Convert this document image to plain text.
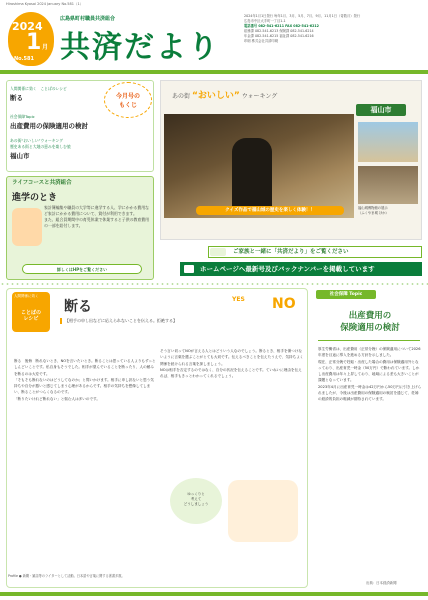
Hiroshima Kyosai 2024 January No.581（1）
2024
1 月
No.581
広島県町村職員共済組合
共済だより
2024年1月1日発行 毎年1月、3月、5月、7月、9月、11月1日（奇数月）発行
広島市中区大手町一丁目1-1
電話番号 082-541-6211 FAX 082-541-6212
総務課 082-541-6213 保険課 082-541-6214
年金課 082-541-6215 福祉課 082-541-6216
印刷 株式会社共済印刷
今月号の
もくじ
人間関係に効く　ことばのレシピ
断る
社会保障Topic
出産費用の保険適用の検討
あの街“おいしい”ウォーキング
歴史ある街と大地の恵みを楽しむ旅
福山市
ライフコースと共済組合
進学のとき
家計簿編集や職員の大学等に進学する人、学にかかる費用など家計にかかる費用について、貸付が利用できます。
また、組合員期間中の育児休業で休業すると子供の教育費用の一部を給付します。
詳しくはHPをご覧ください
あの街 “おいしい” ウォーキング
福山市
クイズ作品で福山城の歴史を楽しく体験！！	福山城博物館の展示
（ふくやま城 ほか）
ご家族と一緒に「共済だより」をご覧ください
ホームページへ最新号及びバックナンバーを掲載しています
ことばの
レシピ
人間関係に効く
断る
【相手の申し出などに応えられないことを伝える。拒絶する】
YES NO
断る　後悔　断れないとき、NOを言いたいとき。断ることは思っている人よりもずっとしんどいことです。私自身もそうでした。相手が望んでいることを断ったり、人の頼みを断るのは大変です。
「そもそも断れないのはどうしてなのか」と問いかけます。相手に申し訳ないと思う気持ちや自分が悪いと感じてしまう心理があるからです。相手の気持ちを想像してしまい、断ることがつらくなるのです。
「断りたいけれど断れない」と悩む人は多いのです。
そう言い切ってNOが言える人とはどういう人なのでしょう。断るとき、相手を傷つけないように言葉を選ぶことがとても大切です。伝えるべきことを伝えたうえで、気持ちよく関係を続けられる言葉を探しましょう。
NOは相手を否定するのではなく、自分の状況を伝えることです。ていねいに理由を伝えれば、相手もきっとわかってくれるでしょう。
ゆっくりと
考えて
どうしましょう
Profile ● 新聞・雑誌等のライターとして活動。日本語や言葉に関する著書多数。
社会保障 Topic
出産費用の
保険適用の検討
厚生労働省は、出産費用（正常分娩）の保険適用について2026年度を目途に導入を進める方針を示しました。
現在、正常分娩で妊娠・出産した場合の費用は保険適用外となっており、出産育児一時金（50万円）で賄われています。しかし出産費用は年々上昇しており、地域による差も大きいことが課題となっています。
2023年4月に出産育児一時金は42万円から50万円に引き上げられましたが、今後は出産費用の保険適用の検討を通じて、妊婦の経済的負担の軽減が期待されています。
出典：日本経済新聞
